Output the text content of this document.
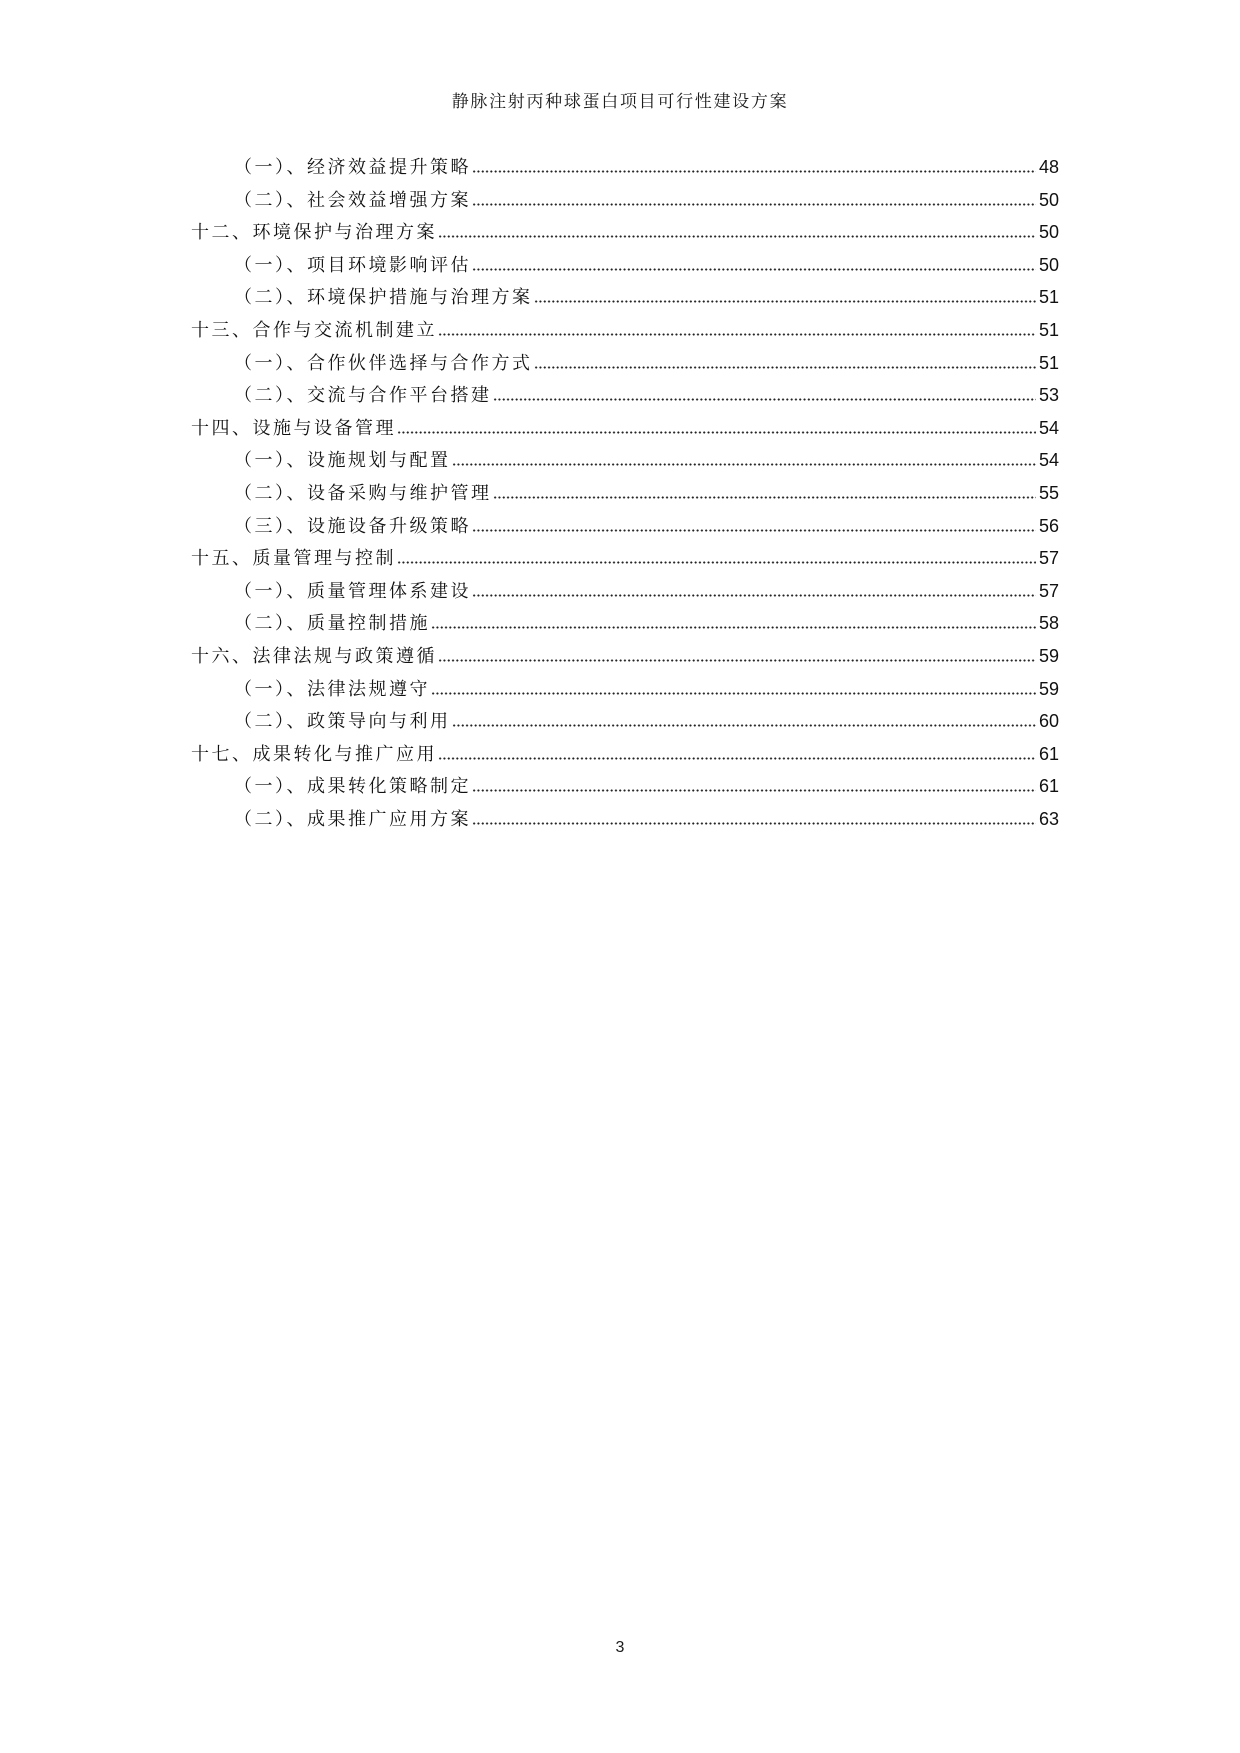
静脉注射丙种球蛋白项目可行性建设方案
（一）、经济效益提升策略	48
（二）、社会效益增强方案	50
十二、环境保护与治理方案	50
（一）、项目环境影响评估	50
（二）、环境保护措施与治理方案	51
十三、合作与交流机制建立	51
（一）、合作伙伴选择与合作方式	51
（二）、交流与合作平台搭建	53
十四、设施与设备管理	54
（一）、设施规划与配置	54
（二）、设备采购与维护管理	55
（三）、设施设备升级策略	56
十五、质量管理与控制	57
（一）、质量管理体系建设	57
（二）、质量控制措施	58
十六、法律法规与政策遵循	59
（一）、法律法规遵守	59
（二）、政策导向与利用	60
十七、成果转化与推广应用	61
（一）、成果转化策略制定	61
（二）、成果推广应用方案	63
3
